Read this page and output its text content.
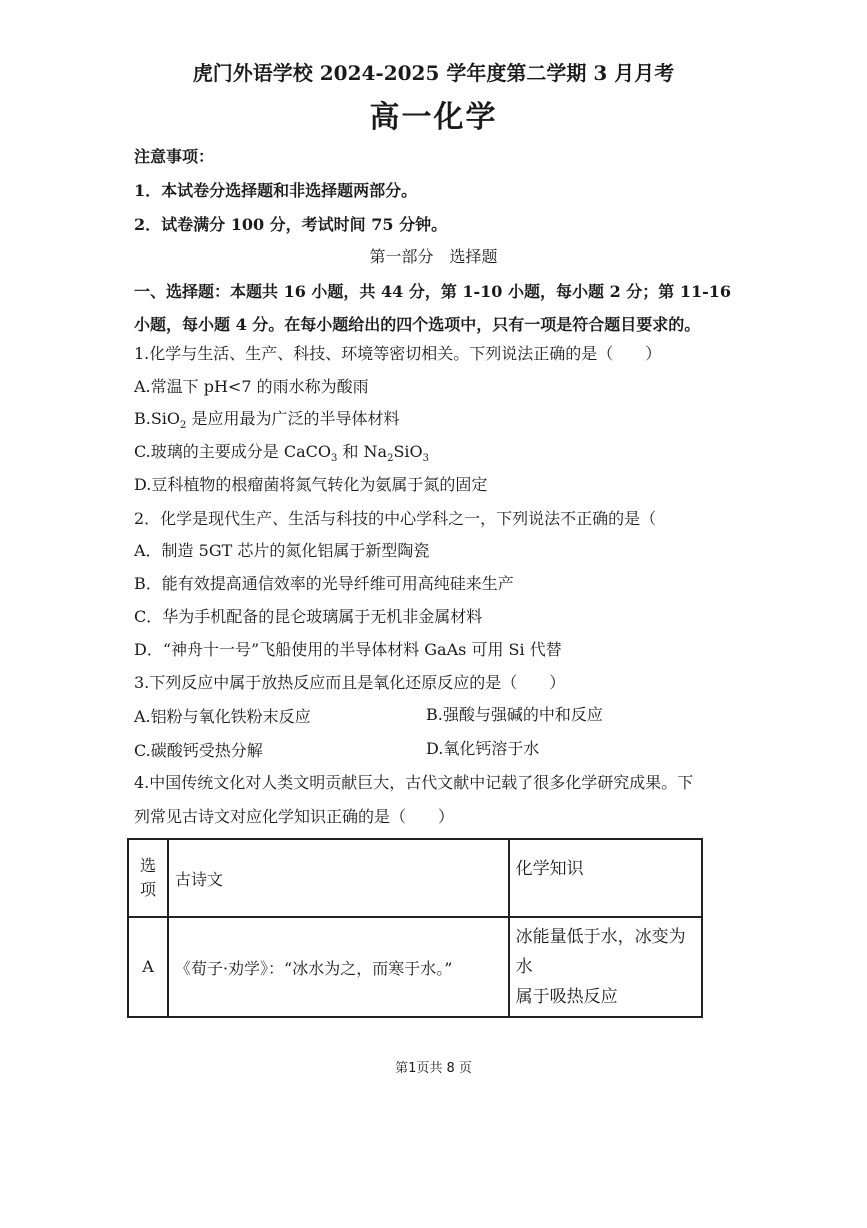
虎门外语学校 2024-2025 学年度第二学期 3 月月考
高一化学
注意事项：
1．本试卷分选择题和非选择题两部分。
2．试卷满分 100 分，考试时间 75 分钟。
第一部分　选择题
一、选择题：本题共 16 小题，共 44 分，第 1-10 小题，每小题 2 分；第 11-16
小题，每小题 4 分。在每小题给出的四个选项中，只有一项是符合题目要求的。
1.化学与生活、生产、科技、环境等密切相关。下列说法正确的是（　　）
A.常温下 pH<7 的雨水称为酸雨
B.SiO$_2$ 是应用最为广泛的半导体材料
C.玻璃的主要成分是 CaCO$_3$ 和 $Na_2SiO_3$
D.豆科植物的根瘤菌将氮气转化为氨属于氮的固定
2．化学是现代生产、生活与科技的中心学科之一，下列说法不正确的是（
A．制造 5GT 芯片的氮化铝属于新型陶瓷
B．能有效提高通信效率的光导纤维可用高纯硅来生产
C．华为手机配备的昆仑玻璃属于无机非金属材料
D．“神舟十一号”飞船使用的半导体材料 GaAs 可用 Si 代替
3.下列反应中属于放热反应而且是氧化还原反应的是（　　）
A.铝粉与氧化铁粉末反应	B.强酸与强碱的中和反应
C.碳酸钙受热分解	D.氧化钙溶于水
4.中国传统文化对人类文明贡献巨大，古代文献中记载了很多化学研究成果。下
列常见古诗文对应化学知识正确的是（　　）
选
项	古诗文	化学知识
A	《荀子·劝学》：“冰水为之，而寒于水。”	冰能量低于水，冰变为水
属于吸热反应
第1页共 8 页
